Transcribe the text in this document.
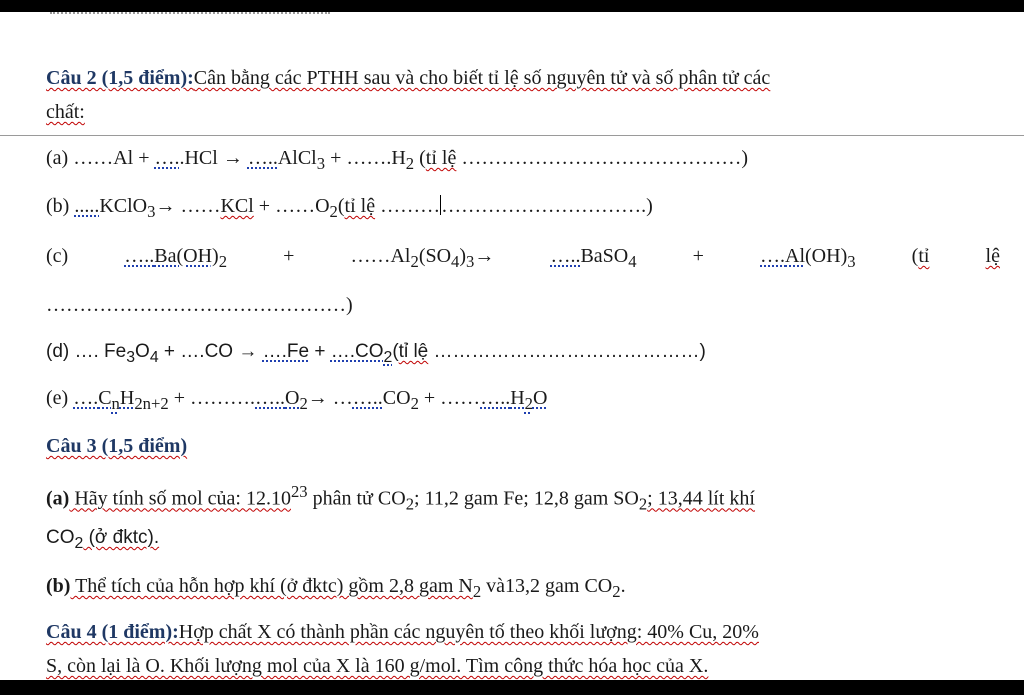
Câu 2 (1,5 điểm):Cân bằng các PTHH sau và cho biết tỉ lệ số nguyên tử và số phân tử các
chất:
(a) ……Al + …..HCl → …..AlCl$_3$ + $\dots\dots.H_2$ (tỉ lệ ……………………………………)
(b) .....KClO$_3$→ ……KCl + $\dots\dots O_2(tỉ$ lệ ………………………………….)
(c)	$\dots..Ba(OH)_2$	+	$\dots\dots Al_2(SO_4)_3\to$	…..BaSO$_4$	+	$\dots.Al(OH)_3$	(tỉ	lệ
………………………………………)
(d) …. $Fe_3O_4$ + ….CO → ….Fe + $\dots.CO_2(tỉ$ lệ ……………………………………)
(e) $\dots.C_nH_{2n+2}$ + $\dots\dots\dots.\dots..O_2\to$ $\dots\dots..CO_2$ + $\dots\dots\dots..H_2O$
Câu 3 (1,5 điểm)
(a) Hãy tính số mol của: 12.10$^{23}$ phân tử $CO_2$; 11,2 gam Fe; 12,8 gam $SO_2$; 13,44 lít khí
$CO_2$ (ở đktc).
(b) Thể tích của hỗn hợp khí (ở đktc) gồm 2,8 gam $N_2$ và13,2 gam $CO_2$.
Câu 4 (1 điểm):Hợp chất X có thành phần các nguyên tố theo khối lượng: 40% Cu, 20%
S, còn lại là O. Khối lượng mol của X là 160 g/mol. Tìm công thức hóa học của X.
